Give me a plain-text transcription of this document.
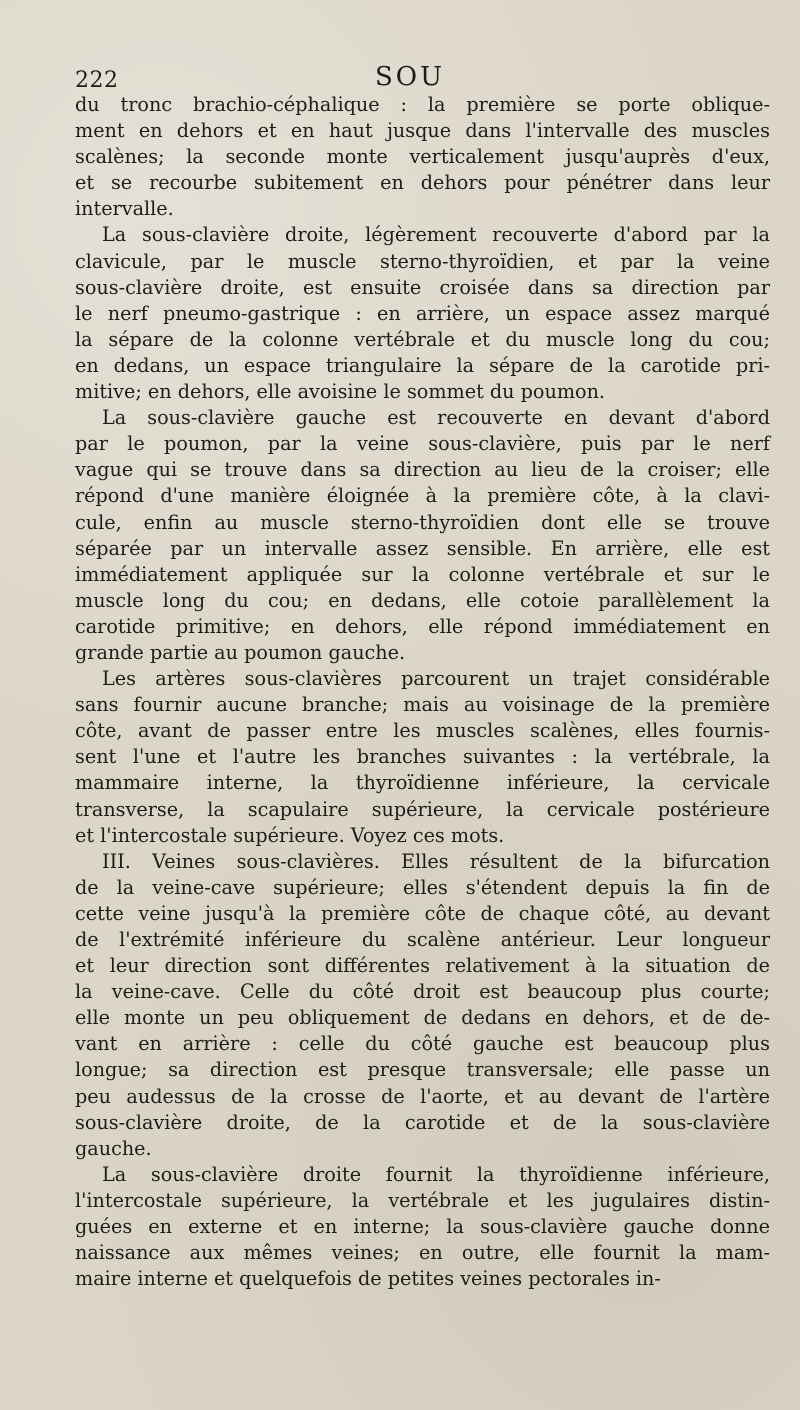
222	SOU

du tronc brachio-céphalique : la première se porte oblique-
ment en dehors et en haut jusque dans l'intervalle des muscles
scalènes; la seconde monte verticalement jusqu'auprès d'eux,
et se recourbe subitement en dehors pour pénétrer dans leur
intervalle.

La sous-clavière droite, légèrement recouverte d'abord par la
clavicule, par le muscle sterno-thyroïdien, et par la veine
sous-clavière droite, est ensuite croisée dans sa direction par
le nerf pneumo-gastrique : en arrière, un espace assez marqué
la sépare de la colonne vertébrale et du muscle long du cou;
en dedans, un espace triangulaire la sépare de la carotide pri-
mitive; en dehors, elle avoisine le sommet du poumon.

La sous-clavière gauche est recouverte en devant d'abord
par le poumon, par la veine sous-clavière, puis par le nerf
vague qui se trouve dans sa direction au lieu de la croiser; elle
répond d'une manière éloignée à la première côte, à la clavi-
cule, enfin au muscle sterno-thyroïdien dont elle se trouve
séparée par un intervalle assez sensible. En arrière, elle est
immédiatement appliquée sur la colonne vertébrale et sur le
muscle long du cou; en dedans, elle cotoie parallèlement la
carotide primitive; en dehors, elle répond immédiatement en
grande partie au poumon gauche.

Les artères sous-clavières parcourent un trajet considérable
sans fournir aucune branche; mais au voisinage de la première
côte, avant de passer entre les muscles scalènes, elles fournis-
sent l'une et l'autre les branches suivantes : la vertébrale, la
mammaire interne, la thyroïdienne inférieure, la cervicale
transverse, la scapulaire supérieure, la cervicale postérieure
et l'intercostale supérieure. Voyez ces mots.

III. Veines sous-clavières. Elles résultent de la bifurcation
de la veine-cave supérieure; elles s'étendent depuis la fin de
cette veine jusqu'à la première côte de chaque côté, au devant
de l'extrémité inférieure du scalène antérieur. Leur longueur
et leur direction sont différentes relativement à la situation de
la veine-cave. Celle du côté droit est beaucoup plus courte;
elle monte un peu obliquement de dedans en dehors, et de de-
vant en arrière : celle du côté gauche est beaucoup plus
longue; sa direction est presque transversale; elle passe un
peu audessus de la crosse de l'aorte, et au devant de l'artère
sous-clavière droite, de la carotide et de la sous-clavière
gauche.

La sous-clavière droite fournit la thyroïdienne inférieure,
l'intercostale supérieure, la vertébrale et les jugulaires distin-
guées en externe et en interne; la sous-clavière gauche donne
naissance aux mêmes veines; en outre, elle fournit la mam-
maire interne et quelquefois de petites veines pectorales in-
